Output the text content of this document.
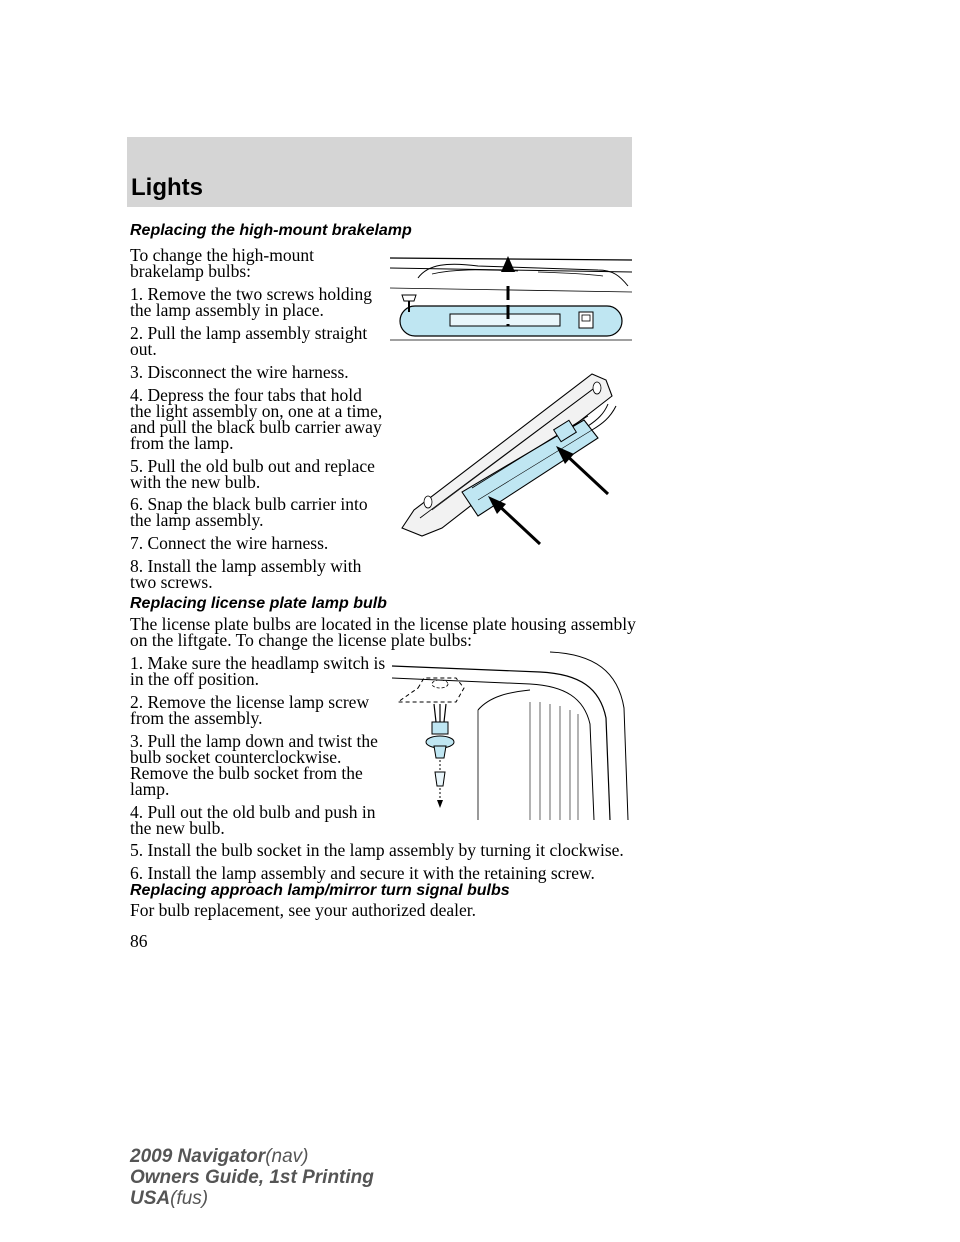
Lights
Replacing the high-mount brakelamp
To change the high-mount
brakelamp bulbs:
1. Remove the two screws holding
the lamp assembly in place.
2. Pull the lamp assembly straight
out.
3. Disconnect the wire harness.
4. Depress the four tabs that hold
the light assembly on, one at a time,
and pull the black bulb carrier away
from the lamp.
5. Pull the old bulb out and replace
with the new bulb.
6. Snap the black bulb carrier into
the lamp assembly.
7. Connect the wire harness.
8. Install the lamp assembly with
two screws.
Replacing license plate lamp bulb
The license plate bulbs are located in the license plate housing assembly
on the liftgate. To change the license plate bulbs:
1. Make sure the headlamp switch is
in the off position.
2. Remove the license lamp screw
from the assembly.
3. Pull the lamp down and twist the
bulb socket counterclockwise.
Remove the bulb socket from the
lamp.
4. Pull out the old bulb and push in
the new bulb.
5. Install the bulb socket in the lamp assembly by turning it clockwise.
6. Install the lamp assembly and secure it with the retaining screw.
Replacing approach lamp/mirror turn signal bulbs
For bulb replacement, see your authorized dealer.
86
2009 Navigator(nav)
Owners Guide, 1st Printing
USA(fus)
